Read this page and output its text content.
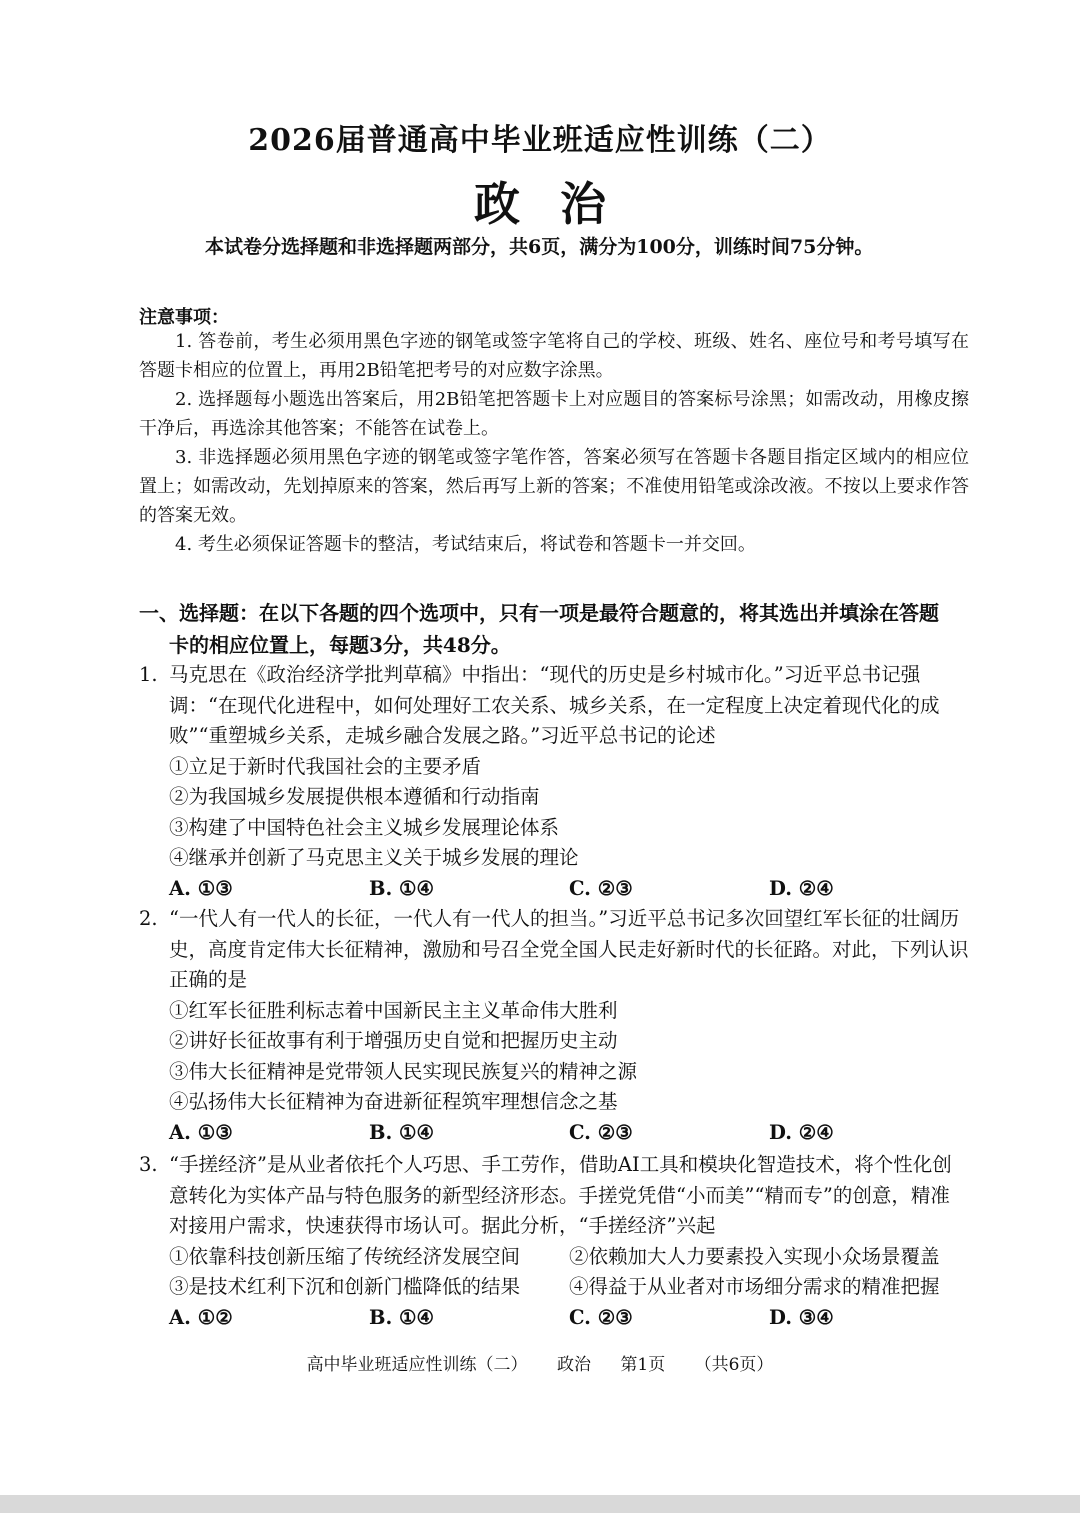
2026届普通高中毕业班适应性训练（二）
政治
本试卷分选择题和非选择题两部分，共6页，满分为100分，训练时间75分钟。
注意事项：

1. 答卷前，考生必须用黑色字迹的钢笔或签字笔将自己的学校、班级、姓名、座位号和考号填写在答题卡相应的位置上，再用2B铅笔把考号的对应数字涂黑。

2. 选择题每小题选出答案后，用2B铅笔把答题卡上对应题目的答案标号涂黑；如需改动，用橡皮擦干净后，再选涂其他答案；不能答在试卷上。

3. 非选择题必须用黑色字迹的钢笔或签字笔作答，答案必须写在答题卡各题目指定区域内的相应位置上；如需改动，先划掉原来的答案，然后再写上新的答案；不准使用铅笔或涂改液。不按以上要求作答的答案无效。

4. 考生必须保证答题卡的整洁，考试结束后，将试卷和答题卡一并交回。

一、选择题：在以下各题的四个选项中，只有一项是最符合题意的，将其选出并填涂在答题
卡的相应位置上，每题3分，共48分。
1. 马克思在《政治经济学批判草稿》中指出：“现代的历史是乡村城市化。”习近平总书记强调：“在现代化进程中，如何处理好工农关系、城乡关系，在一定程度上决定着现代化的成败”“重塑城乡关系，走城乡融合发展之路。”习近平总书记的论述
①立足于新时代我国社会的主要矛盾
②为我国城乡发展提供根本遵循和行动指南
③构建了中国特色社会主义城乡发展理论体系
④继承并创新了马克思主义关于城乡发展的理论
A. ①③	B. ①④	C. ②③	D. ②④
2. “一代人有一代人的长征，一代人有一代人的担当。”习近平总书记多次回望红军长征的壮阔历史，高度肯定伟大长征精神，激励和号召全党全国人民走好新时代的长征路。对此，下列认识正确的是
①红军长征胜利标志着中国新民主主义革命伟大胜利
②讲好长征故事有利于增强历史自觉和把握历史主动
③伟大长征精神是党带领人民实现民族复兴的精神之源
④弘扬伟大长征精神为奋进新征程筑牢理想信念之基
A. ①③	B. ①④	C. ②③	D. ②④
3. “手搓经济”是从业者依托个人巧思、手工劳作，借助AI工具和模块化智造技术，将个性化创意转化为实体产品与特色服务的新型经济形态。手搓党凭借“小而美”“精而专”的创意，精准对接用户需求，快速获得市场认可。据此分析，“手搓经济”兴起
①依靠科技创新压缩了传统经济发展空间	②依赖加大人力要素投入实现小众场景覆盖
③是技术红利下沉和创新门槛降低的结果	④得益于从业者对市场细分需求的精准把握
A. ①②	B. ①④	C. ②③	D. ③④
高中毕业班适应性训练（二） 政治 第1页 （共6页）
